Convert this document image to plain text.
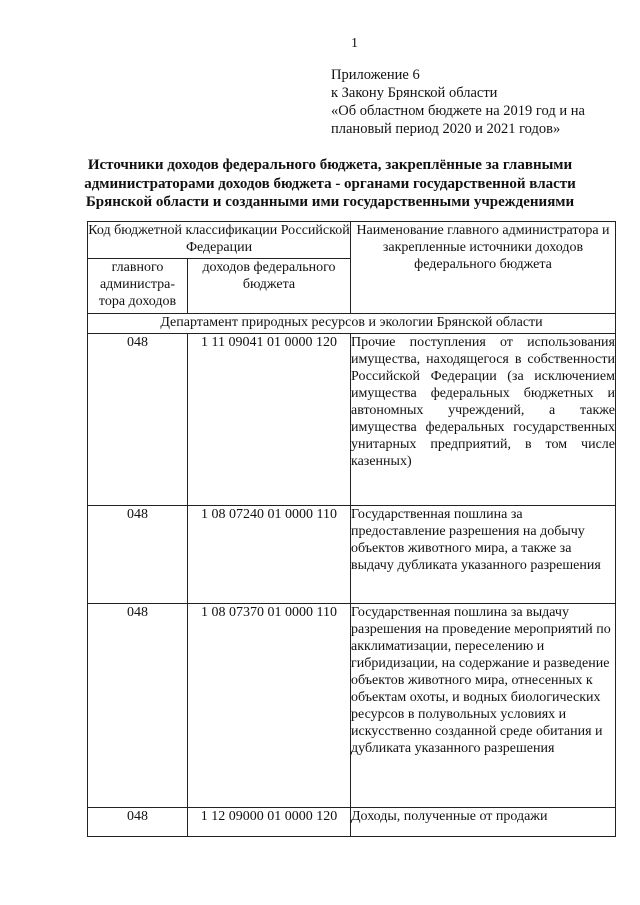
1
Приложение 6
к Закону Брянской области
«Об областном бюджете на 2019 год и на
плановый период 2020 и 2021 годов»
Источники доходов федерального бюджета, закреплённые за главными
администраторами доходов бюджета - органами государственной власти
Брянской области и созданными ими государственными учреждениями
Код бюджетной классификации Российской Федерации		Наименование главного администратора и закрепленные источники доходов федерального бюджета
главного администра-тора доходов	доходов федерального бюджета	
Департамент природных ресурсов и экологии Брянской области		
048	1 11 09041 01 0000 120	Прочие поступления от использования имущества, находящегося в собственности Российской Федерации (за исключением имущества федеральных бюджетных и автономных учреждений, а также имущества федеральных государственных унитарных предприятий, в том числе казенных)
048	1 08 07240 01 0000 110	Государственная пошлина за предоставление разрешения на добычу объектов животного мира, а также за выдачу дубликата указанного разрешения
048	1 08 07370 01 0000 110	Государственная пошлина за выдачу разрешения на проведение мероприятий по акклиматизации, переселению и гибридизации, на содержание и разведение объектов животного мира, отнесенных к объектам охоты, и водных биологических ресурсов в полувольных условиях и искусственно созданной среде обитания и дубликата указанного разрешения
048	1 12 09000 01 0000 120	Доходы, полученные от продажи
